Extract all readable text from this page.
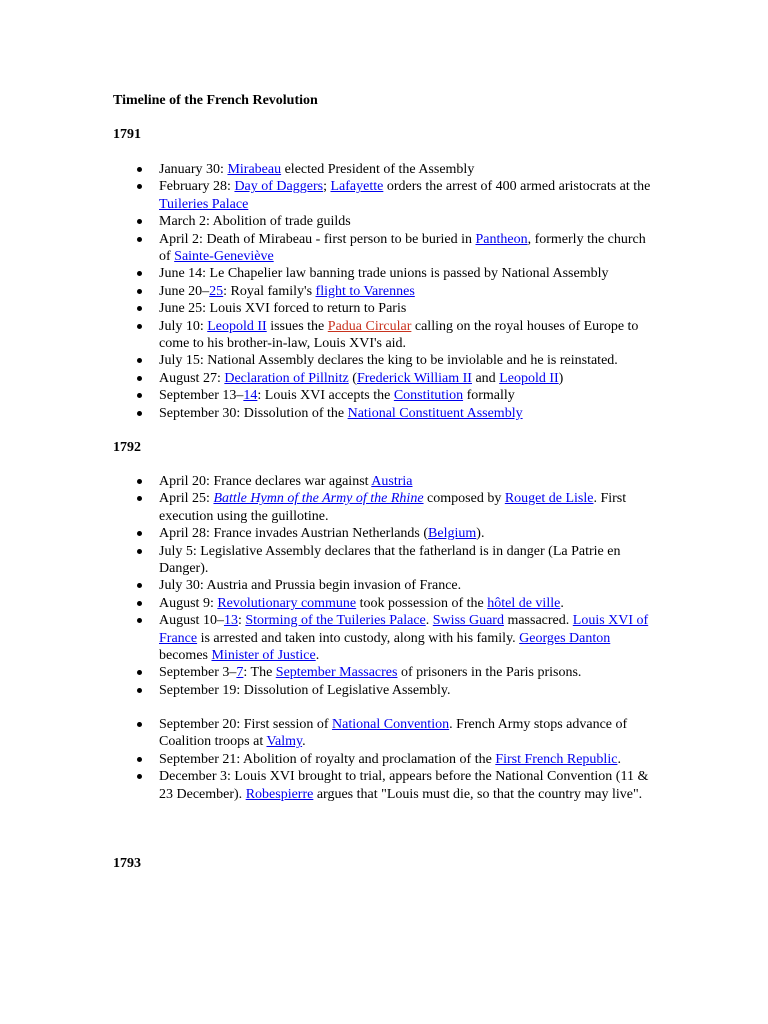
Timeline of the French Revolution
1791
January 30: Mirabeau elected President of the Assembly
February 28: Day of Daggers; Lafayette orders the arrest of 400 armed aristocrats at the Tuileries Palace
March 2: Abolition of trade guilds
April 2: Death of Mirabeau - first person to be buried in Pantheon, formerly the church of Sainte-Geneviève
June 14: Le Chapelier law banning trade unions is passed by National Assembly
June 20–25: Royal family's flight to Varennes
June 25: Louis XVI forced to return to Paris
July 10: Leopold II issues the Padua Circular calling on the royal houses of Europe to come to his brother-in-law, Louis XVI's aid.
July 15: National Assembly declares the king to be inviolable and he is reinstated.
August 27: Declaration of Pillnitz (Frederick William II and Leopold II)
September 13–14: Louis XVI accepts the Constitution formally
September 30: Dissolution of the National Constituent Assembly
1792
April 20: France declares war against Austria
April 25: Battle Hymn of the Army of the Rhine composed by Rouget de Lisle. First execution using the guillotine.
April 28: France invades Austrian Netherlands (Belgium).
July 5: Legislative Assembly declares that the fatherland is in danger (La Patrie en Danger).
July 30: Austria and Prussia begin invasion of France.
August 9: Revolutionary commune took possession of the hôtel de ville.
August 10–13: Storming of the Tuileries Palace. Swiss Guard massacred. Louis XVI of France is arrested and taken into custody, along with his family. Georges Danton becomes Minister of Justice.
September 3–7: The September Massacres of prisoners in the Paris prisons.
September 19: Dissolution of Legislative Assembly.
September 20: First session of National Convention. French Army stops advance of Coalition troops at Valmy.
September 21: Abolition of royalty and proclamation of the First French Republic.
December 3: Louis XVI brought to trial, appears before the National Convention (11 & 23 December). Robespierre argues that "Louis must die, so that the country may live".
1793
